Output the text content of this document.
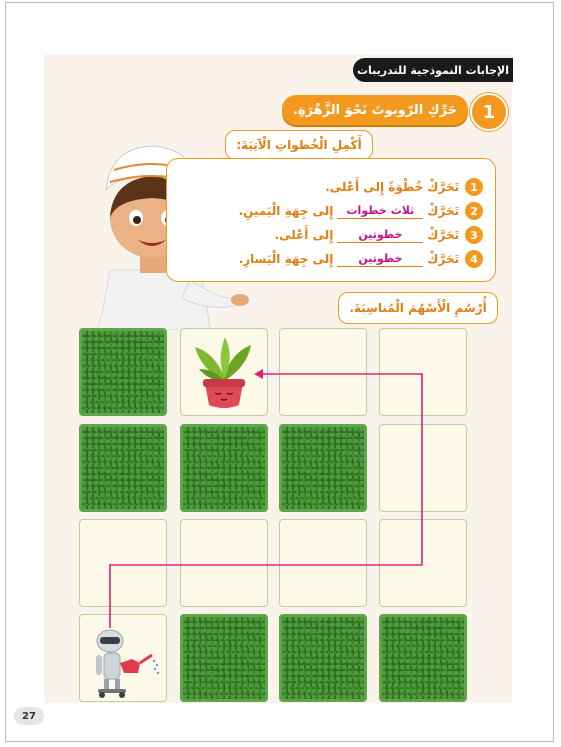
الإجابات النموذجية للتدريبات
1
حَرِّكِ الرّوبوتَ نَحْوَ الزَّهْرَةِ.
أَكْمِلِ الْخُطواتِ الْآتِيَةَ:
1
تَحَرَّكْ

خُطْوَةً إِلى أَعْلى.
2
تَحَرَّكْ
ثلاث خطوات
إِلى جِهَةِ الْيَمينِ.
3
تَحَرَّكْ
خطوتين
إِلى أَعْلى.
4
تَحَرَّكْ
خطوتين
إِلى جِهَةِ الْيَسارِ.
أُرْسُمِ الْأَسْهُمَ الْمُناسِبَةَ.
27
